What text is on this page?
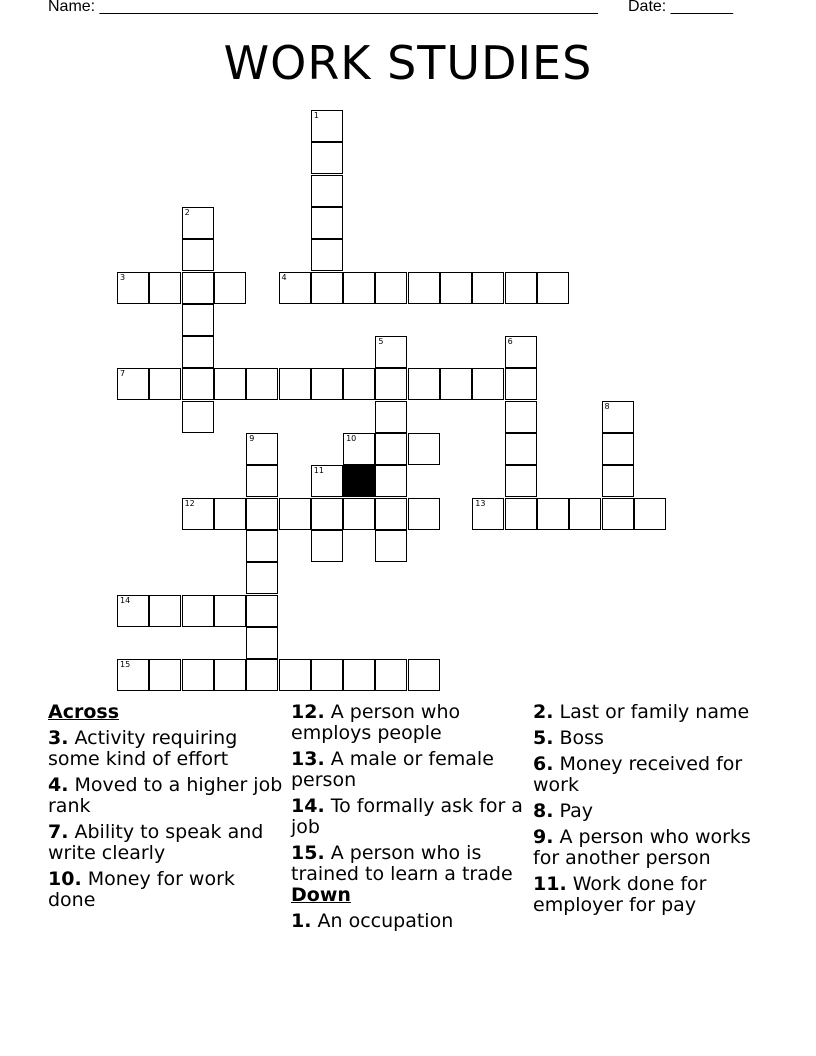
Name: ________________________________________________________ Date: _______
WORK STUDIES
1
2
3	4
5	6
7
8
9	10
11
12	13
14
15
Across
3. Activity requiring some kind of effort
4. Moved to a higher job rank
7. Ability to speak and write clearly
10. Money for work done
12. A person who employs people
13. A male or female person
14. To formally ask for a job
15. A person who is trained to learn a trade
Down
1. An occupation
2. Last or family name
5. Boss
6. Money received for work
8. Pay
9. A person who works for another person
11. Work done for employer for pay
